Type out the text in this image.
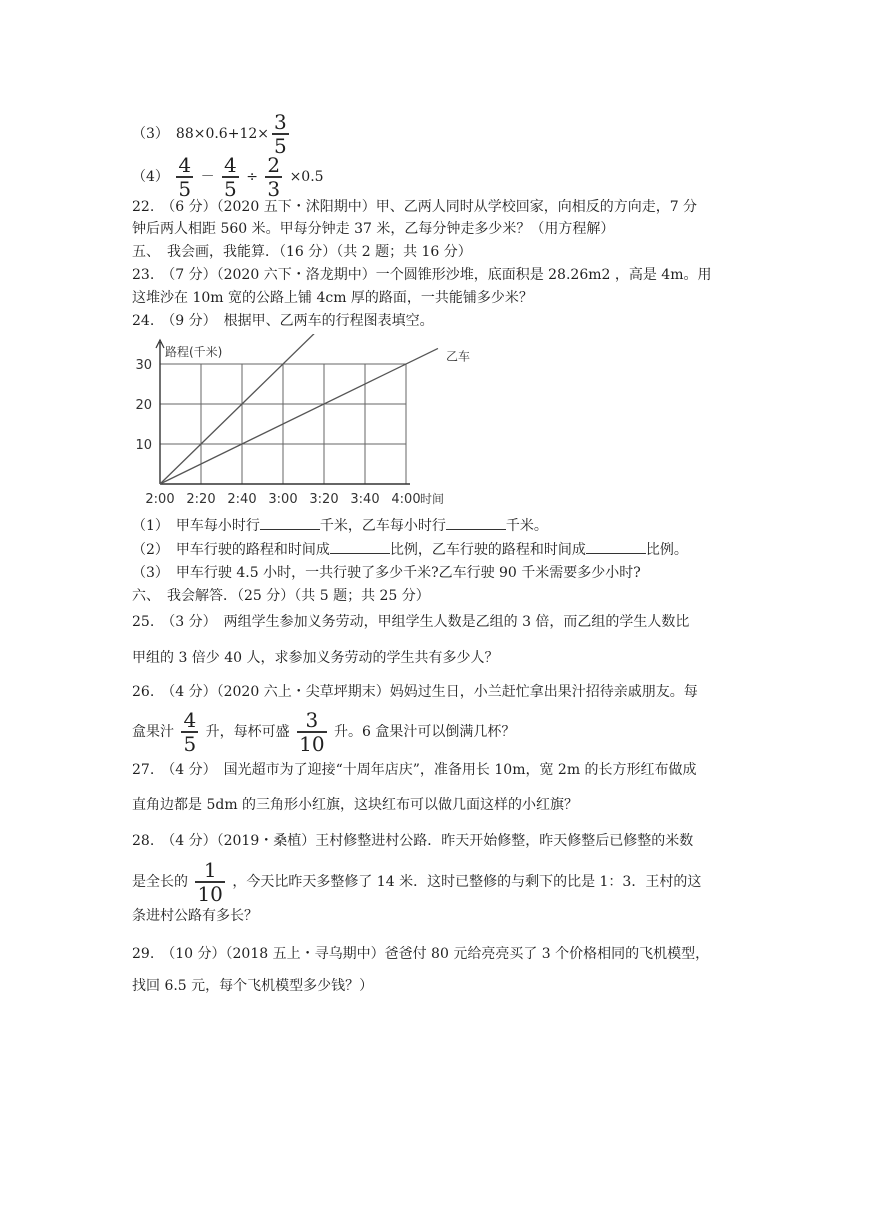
（3）　$88\times 0.6+12\times \frac{3}{5}$
$(4) \frac{4}{5} - \frac{4}{5} \div \frac{2}{3} \times 0.5$
22.　（6 分）（2020 五下・沭阳期中）甲、乙两人同时从学校回家，向相反的方向走，7 分
钟后两人相距 560 米。甲每分钟走 37 米，乙每分钟走多少米？（用方程解）
五、　我会画，我能算．（16 分）（共 2 题；共 16 分）
23.　（7 分）（2020 六下・洛龙期中）一个圆锥形沙堆，底面积是 28.26m2 ，高是 4m。用
这堆沙在 10m 宽的公路上铺 4cm 厚的路面，一共能铺多少米？
24.　（9 分）　根据甲、乙两车的行程图表填空。
路程(千米)
时间
10
20
30
2:00 2:20 2:40 3:00 3:20 3:40 4:00
乙车
（1）　甲车每小时行	千米，乙车每小时行	千米。
（2）　甲车行驶的路程和时间成	比例，乙车行驶的路程和时间成	比例。
（3）　甲车行驶 4.5 小时，一共行驶了多少千米?乙车行驶 90 千米需要多少小时?
六、　我会解答．（25 分）（共 5 题；共 25 分）
25.　（3 分）　两组学生参加义务劳动，甲组学生人数是乙组的 3 倍，而乙组的学生人数比
甲组的 3 倍少 40 人，求参加义务劳动的学生共有多少人？
26.　（4 分）（2020 六上・尖草坪期末）妈妈过生日，小兰赶忙拿出果汁招待亲戚朋友。每
盒果汁 $\frac{4}{5}$ 升，每杯可盛 $\frac{3}{10}$ 升。6 盒果汁可以倒满几杯？
27.　（4 分）　国光超市为了迎接“十周年店庆”，准备用长 10m，宽 2m 的长方形红布做成
直角边都是 5dm 的三角形小红旗，这块红布可以做几面这样的小红旗？
28.　（4 分）（2019・桑植）王村修整进村公路．昨天开始修整，昨天修整后已修整的米数
是全长的 $\frac{1}{10}$ ，今天比昨天多整修了 14 米．这时已整修的与剩下的比是 1：3．王村的这
条进村公路有多长？
29.　（10 分）（2018 五上・寻乌期中）爸爸付 80 元给亮亮买了 3 个价格相同的飞机模型，
找回 6.5 元，每个飞机模型多少钱？）
